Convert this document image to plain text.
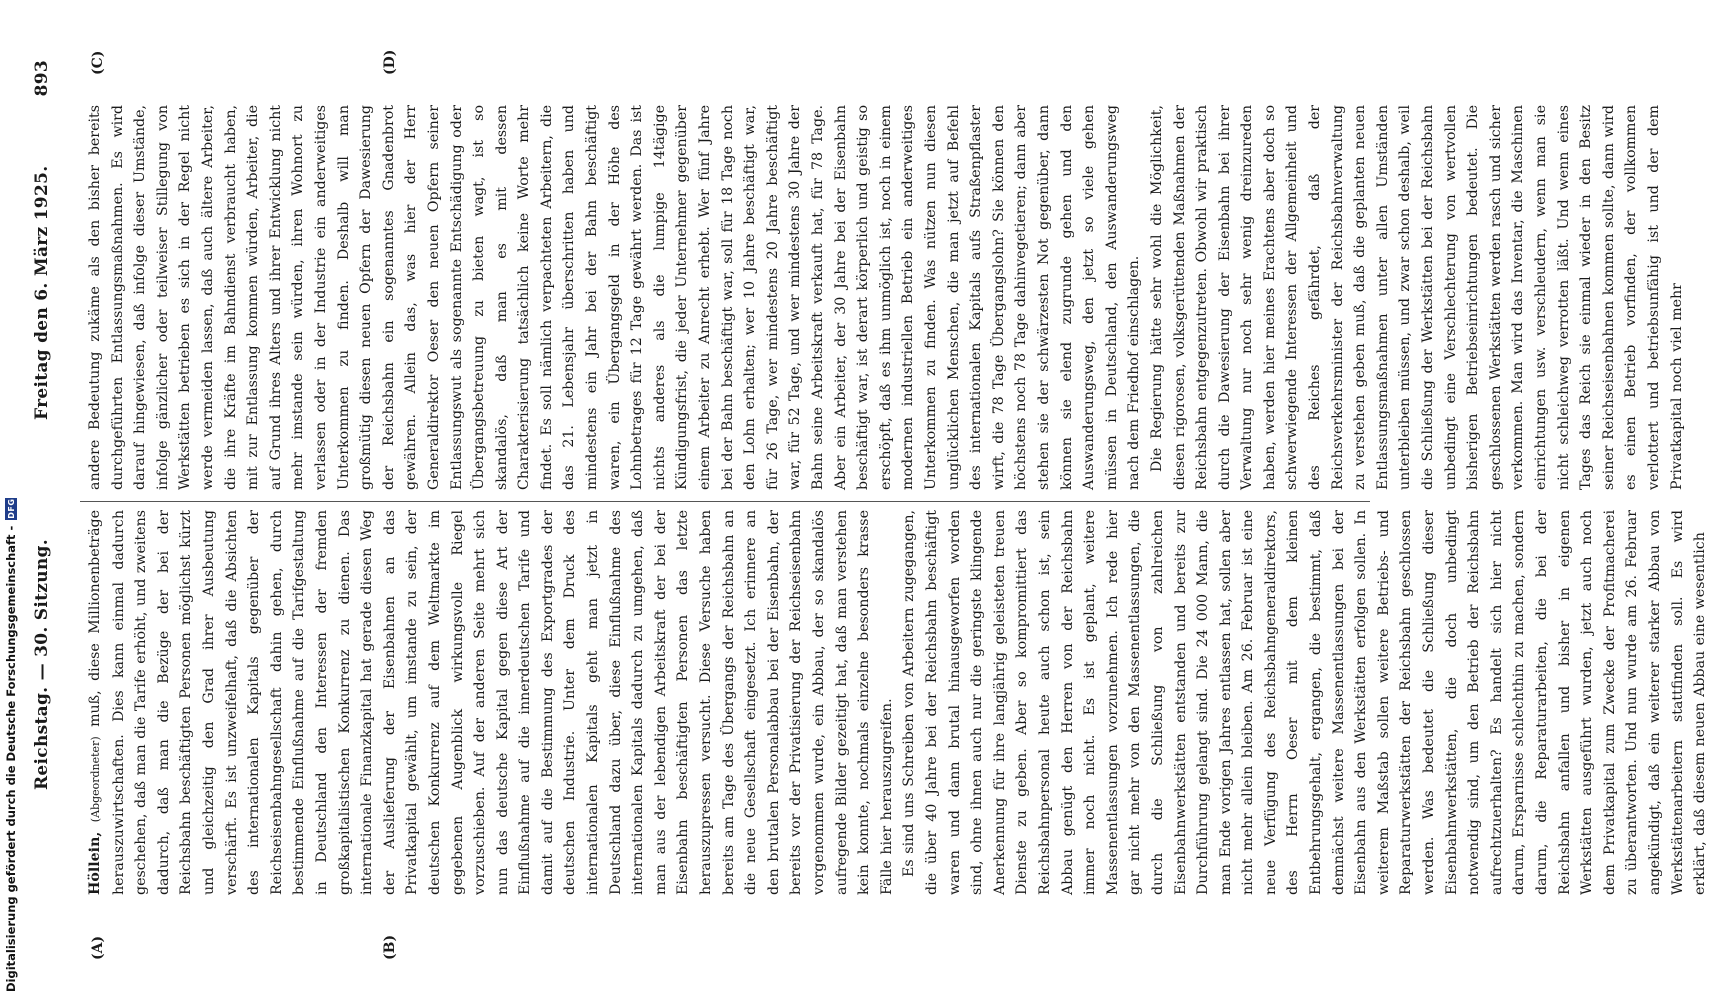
Reichstag. — 30. Sitzung.
Freitag den 6. März 1925.
893
(A)	(B)
(C)	(D)

Höllein, (Abgeordneter) muß, diese Millionenbeträge herauszuwirtschaften. Dies kann einmal dadurch geschehen, daß man die Tarife erhöht, und zweitens dadurch, daß man die Bezüge der bei der Reichsbahn beschäftigten Personen möglichst kürzt und gleichzeitig den Grad ihrer Ausbeutung verschärft. Es ist unzweifelhaft, daß die Absichten des internationalen Kapitals gegenüber der Reichseisenbahngesellschaft dahin gehen, durch bestimmende Einflußnahme auf die Tarifgestaltung in Deutschland den Interessen der fremden großkapitalistischen Konkurrenz zu dienen. Das internationale Finanzkapital hat gerade diesen Weg der Auslieferung der Eisenbahnen an das Privatkapital gewählt, um imstande zu sein, der deutschen Konkurrenz auf dem Weltmarkte im gegebenen Augenblick wirkungsvolle Riegel vorzuschieben. Auf der anderen Seite mehrt sich nun das deutsche Kapital gegen diese Art der Einflußnahme auf die innerdeutschen Tarife und damit auf die Bestimmung des Exportgrades der deutschen Industrie. Unter dem Druck des internationalen Kapitals geht man jetzt in Deutschland dazu über, diese Einflußnahme des internationalen Kapitals dadurch zu umgehen, daß man aus der lebendigen Arbeitskraft der bei der Eisenbahn beschäftigten Personen das letzte herauszupressen versucht. Diese Versuche haben bereits am Tage des Übergangs der Reichsbahn an die neue Gesellschaft eingesetzt. Ich erinnere an den brutalen Personalabbau bei der Eisenbahn, der bereits vor der Privatisierung der Reichseisenbahn vorgenommen wurde, ein Abbau, der so skandalös aufregende Bilder gezeitigt hat, daß man verstehen kein konnte, nochmals einzelne besonders krasse Fälle hier herauszugreifen. Es sind uns Schreiben von Arbeitern zugegangen, die über 40 Jahre bei der Reichsbahn beschäftigt waren und dann brutal hinausgeworfen worden sind, ohne ihnen auch nur die geringste klingende Anerkennung für ihre langjährig geleisteten treuen Dienste zu geben. Aber so kompromittiert das Reichsbahnpersonal heute auch schon ist, sein Abbau genügt den Herren von der Reichsbahn immer noch nicht. Es ist geplant, weitere Massenentlassungen vorzunehmen. Ich rede hier gar nicht mehr von den Massenentlassungen, die durch die Schließung von zahlreichen Eisenbahnwerkstätten entstanden und bereits zur Durchführung gelangt sind. Die 24 000 Mann, die man Ende vorigen Jahres entlassen hat, sollen aber nicht mehr allein bleiben. Am 26. Februar ist eine neue Verfügung des Reichsbahngeneraldirektors, des Herrn Oeser mit dem kleinen Entbehrungsgehalt, ergangen, die bestimmt, daß demnächst weitere Massenentlassungen bei der Eisenbahn aus den Werkstätten erfolgen sollen. In weiterem Maßstab sollen weitere Betriebs- und Reparaturwerkstätten der Reichsbahn geschlossen werden. Was bedeutet die Schließung dieser Eisenbahnwerkstätten, die doch unbedingt notwendig sind, um den Betrieb der Reichsbahn aufrechtzuerhalten? Es handelt sich hier nicht darum, Ersparnisse schlechthin zu machen, sondern darum, die Reparaturarbeiten, die bei der Reichsbahn anfallen und bisher in eigenen Werkstätten ausgeführt wurden, jetzt auch noch dem Privatkapital zum Zwecke der Profitmacherei zu überantworten. Und nun wurde am 26. Februar angekündigt, daß ein weiterer starker Abbau von Werkstättenarbeitern stattfinden soll. Es wird erklärt, daß diesem neuen Abbau eine wesentlich

andere Bedeutung zukäme als den bisher bereits durchgeführten Entlassungsmaßnahmen. Es wird darauf hingewiesen, daß infolge dieser Umstände, infolge gänzlicher oder teilweiser Stillegung von Werkstätten betrieben es sich in der Regel nicht werde vermeiden lassen, daß auch ältere Arbeiter, die ihre Kräfte im Bahndienst verbraucht haben, mit zur Entlassung kommen würden, Arbeiter, die auf Grund ihres Alters und ihrer Entwicklung nicht mehr imstande sein würden, ihren Wohnort zu verlassen oder in der Industrie ein anderweitiges Unterkommen zu finden. Deshalb will man großmütig diesen neuen Opfern der Dawesierung der Reichsbahn ein sogenanntes Gnadenbrot gewähren. Allein das, was hier der Herr Generaldirektor Oeser den neuen Opfern seiner Entlassungswut als sogenannte Entschädigung oder Übergangsbetreuung zu bieten wagt, ist so skandalös, daß man es mit dessen Charakterisierung tatsächlich keine Worte mehr findet. Es soll nämlich verpachteten Arbeitern, die das 21. Lebensjahr überschritten haben und mindestens ein Jahr bei der Bahn beschäftigt waren, ein Übergangsgeld in der Höhe des Lohnbetrages für 12 Tage gewährt werden. Das ist nichts anderes als die lumpige 14tägige Kündigungsfrist, die jeder Unternehmer gegenüber einem Arbeiter zu Anrecht erhebt. Wer fünf Jahre bei der Bahn beschäftigt war, soll für 18 Tage noch den Lohn erhalten; wer 10 Jahre beschäftigt war, für 26 Tage, wer mindestens 20 Jahre beschäftigt war, für 52 Tage, und wer mindestens 30 Jahre der Bahn seine Arbeitskraft verkauft hat, für 78 Tage. Aber ein Arbeiter, der 30 Jahre bei der Eisenbahn beschäftigt war, ist derart körperlich und geistig so erschöpft, daß es ihm unmöglich ist, noch in einem modernen industriellen Betrieb ein anderweitiges Unterkommen zu finden. Was nützen nun diesen unglücklichen Menschen, die man jetzt auf Befehl des internationalen Kapitals aufs Straßenpflaster wirft, die 78 Tage Übergangslohn? Sie können den höchstens noch 78 Tage dahinvegetieren; dann aber stehen sie der schwärzesten Not gegenüber, dann können sie elend zugrunde gehen und den Auswanderungsweg, den jetzt so viele gehen müssen in Deutschland, den Auswanderungsweg nach dem Friedhof einschlagen. Die Regierung hätte sehr wohl die Möglichkeit, diesen rigorosen, volksgerüttenden Maßnahmen der Reichsbahn entgegenzutreten. Obwohl wir praktisch durch die Dawesierung der Eisenbahn bei ihrer Verwaltung nur noch sehr wenig dreinzureden haben, werden hier meines Erachtens aber doch so schwerwiegende Interessen der Allgemeinheit und des Reiches gefährdet, daß der Reichsverkehrsminister der Reichsbahnverwaltung zu verstehen geben muß, daß die geplanten neuen Entlassungsmaßnahmen unter allen Umständen unterbleiben müssen, und zwar schon deshalb, weil die Schließung der Werkstätten bei der Reichsbahn unbedingt eine Verschlechterung von wertvollen bisherigen Betriebseinrichtungen bedeutet. Die geschlossenen Werkstätten werden rasch und sicher verkommen. Man wird das Inventar, die Maschinen einrichtungen usw. verschleudern, wenn man sie nicht schleichweg verrotten läßt. Und wenn eines Tages das Reich sie einmal wieder in den Besitz seiner Reichseisenbahnen kommen sollte, dann wird es einen Betrieb vorfinden, der vollkommen verlottert und betriebsunfähig ist und der dem Privatkapital noch viel mehr

Digitalisierung gefördert durch die Deutsche Forschungsgemeinschaft -
DFG
